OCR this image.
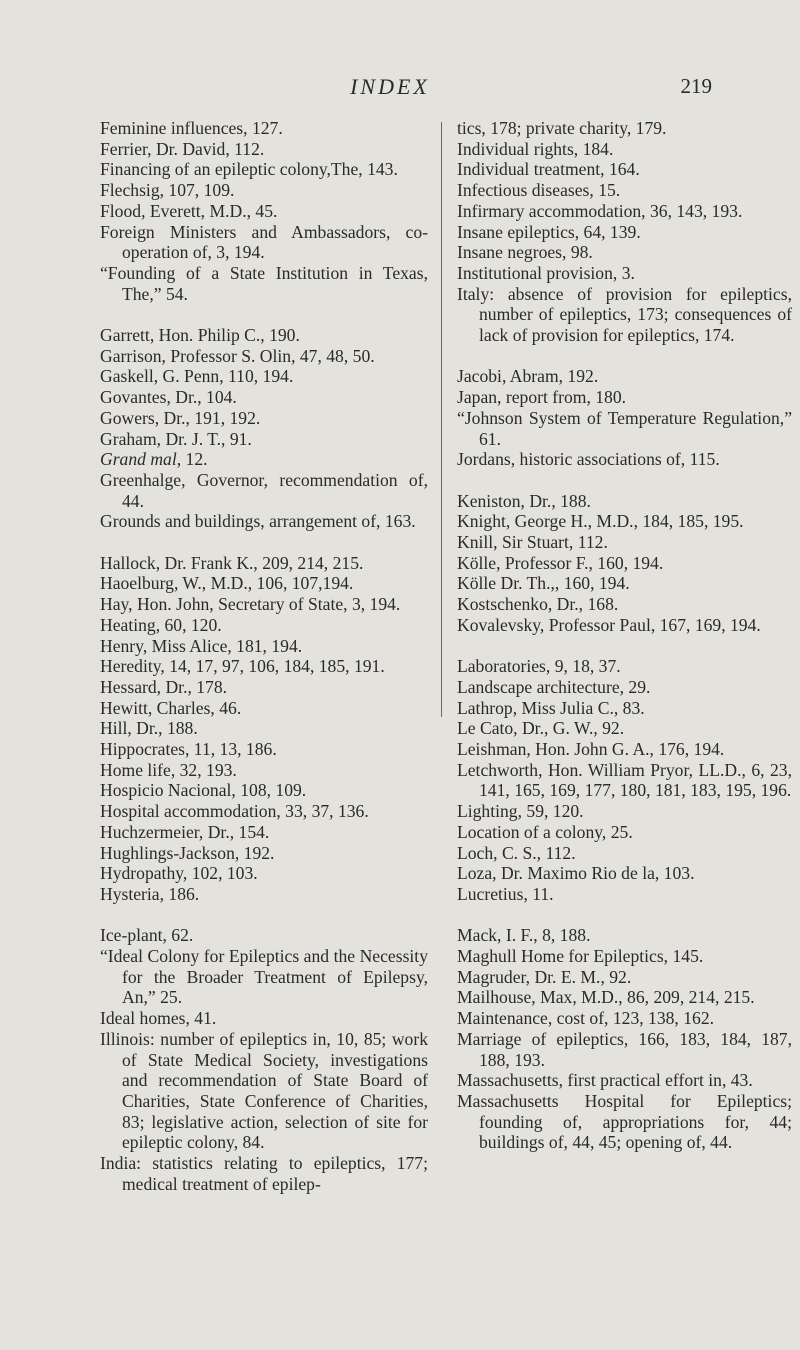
INDEX	219
Feminine influences, 127.
Ferrier, Dr. David, 112.
Financing of an epileptic colony,The, 143.
Flechsig, 107, 109.
Flood, Everett, M.D., 45.
Foreign Ministers and Ambassadors, co-operation of, 3, 194.
“Founding of a State Institution in Texas, The,” 54.
Garrett, Hon. Philip C., 190.
Garrison, Professor S. Olin, 47, 48, 50.
Gaskell, G. Penn, 110, 194.
Govantes, Dr., 104.
Gowers, Dr., 191, 192.
Graham, Dr. J. T., 91.
Grand mal, 12.
Greenhalge, Governor, recommendation of, 44.
Grounds and buildings, arrangement of, 163.
Hallock, Dr. Frank K., 209, 214, 215.
Haoelburg, W., M.D., 106, 107,194.
Hay, Hon. John, Secretary of State, 3, 194.
Heating, 60, 120.
Henry, Miss Alice, 181, 194.
Heredity, 14, 17, 97, 106, 184, 185, 191.
Hessard, Dr., 178.
Hewitt, Charles, 46.
Hill, Dr., 188.
Hippocrates, 11, 13, 186.
Home life, 32, 193.
Hospicio Nacional, 108, 109.
Hospital accommodation, 33, 37, 136.
Huchzermeier, Dr., 154.
Hughlings-Jackson, 192.
Hydropathy, 102, 103.
Hysteria, 186.
Ice-plant, 62.
“Ideal Colony for Epileptics and the Necessity for the Broader Treatment of Epilepsy, An,” 25.
Ideal homes, 41.
Illinois: number of epileptics in, 10, 85; work of State Medical Society, investigations and recommendation of State Board of Charities, State Conference of Charities, 83; legislative action, selection of site for epileptic colony, 84.
India: statistics relating to epileptics, 177; medical treatment of epilep-
tics, 178; private charity, 179.
Individual rights, 184.
Individual treatment, 164.
Infectious diseases, 15.
Infirmary accommodation, 36, 143, 193.
Insane epileptics, 64, 139.
Insane negroes, 98.
Institutional provision, 3.
Italy: absence of provision for epileptics, number of epileptics, 173; consequences of lack of provision for epileptics, 174.
Jacobi, Abram, 192.
Japan, report from, 180.
“Johnson System of Temperature Regulation,” 61.
Jordans, historic associations of, 115.
Keniston, Dr., 188.
Knight, George H., M.D., 184, 185, 195.
Knill, Sir Stuart, 112.
Kölle, Professor F., 160, 194.
Kölle Dr. Th.,, 160, 194.
Kostschenko, Dr., 168.
Kovalevsky, Professor Paul, 167, 169, 194.
Laboratories, 9, 18, 37.
Landscape architecture, 29.
Lathrop, Miss Julia C., 83.
Le Cato, Dr., G. W., 92.
Leishman, Hon. John G. A., 176, 194.
Letchworth, Hon. William Pryor, LL.D., 6, 23, 141, 165, 169, 177, 180, 181, 183, 195, 196.
Lighting, 59, 120.
Location of a colony, 25.
Loch, C. S., 112.
Loza, Dr. Maximo Rio de la, 103.
Lucretius, 11.
Mack, I. F., 8, 188.
Maghull Home for Epileptics, 145.
Magruder, Dr. E. M., 92.
Mailhouse, Max, M.D., 86, 209, 214, 215.
Maintenance, cost of, 123, 138, 162.
Marriage of epileptics, 166, 183, 184, 187, 188, 193.
Massachusetts, first practical effort in, 43.
Massachusetts Hospital for Epileptics; founding of, appropriations for, 44; buildings of, 44, 45; opening of, 44.
